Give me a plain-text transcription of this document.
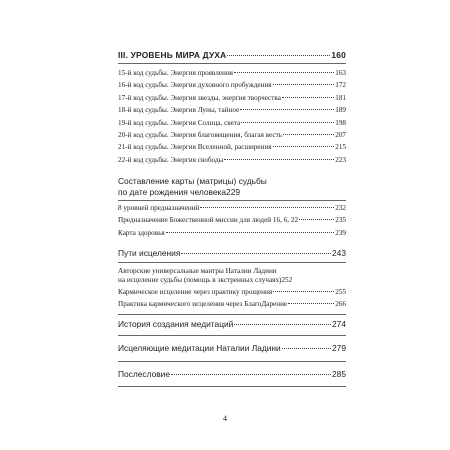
III. УРОВЕНЬ МИРА ДУХА	160
15-й код судьбы. Энергия проявления	163
16-й код судьбы. Энергия духовного пробуждения	172
17-й код судьбы. Энергия звезды, энергия творчества	181
18-й код судьбы. Энергия Луны, тайное	189
19-й код судьбы. Энергия Солнца, света	198
20-й код судьбы. Энергия благовещения, благая весть	207
21-й код судьбы. Энергия Вселенной, расширения	215
22-й код судьбы. Энергия свободы	223
Составление карты (матрицы) судьбы
по дате рождения человека 229
8 уровней предназначений	232
Предназначение Божественной миссии для людей 16, 6, 22	235
Карта здоровья	239
Пути исцеления	243
Авторские универсальные мантры Наталии Ладини
на исцеление судьбы (помощь в экстренных случаях) 252
Кармическое исцеление через практику прощения	255
Практика кармического исцеления через БлагоДарение	266
История создания медитаций	274
Исцеляющие медитации Наталии Ладини	279
Послесловие	285
4
